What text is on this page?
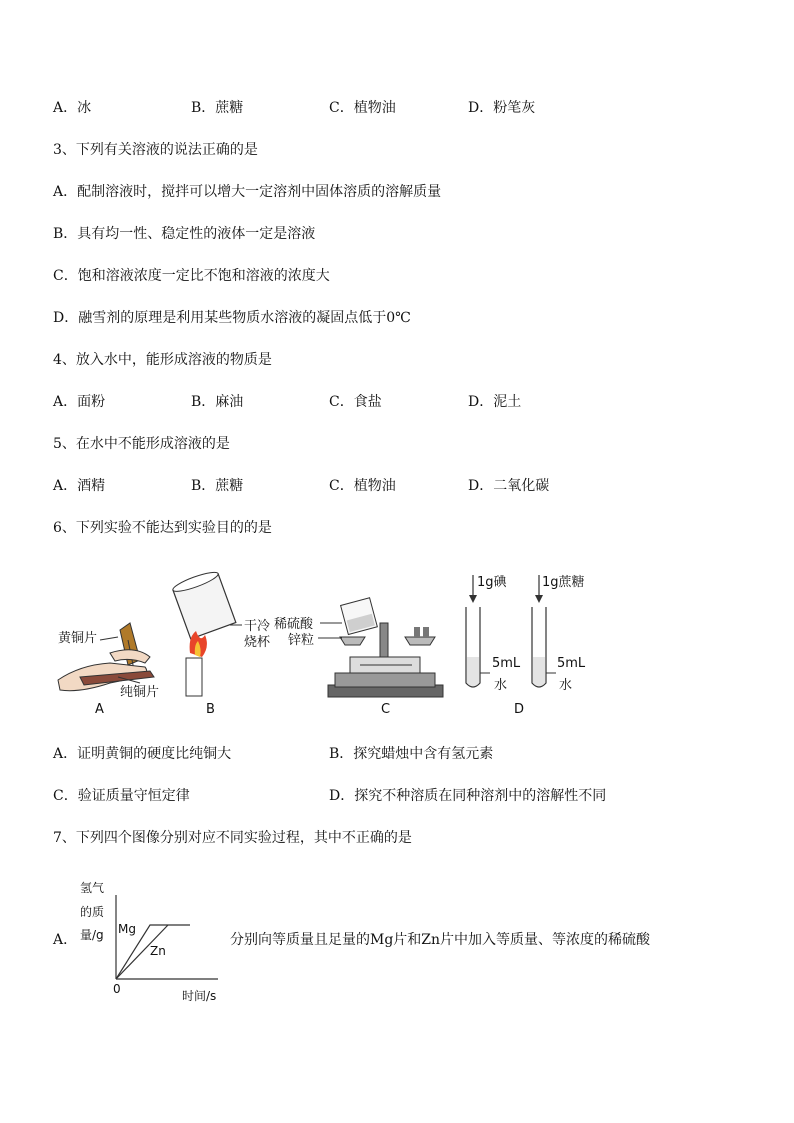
A．冰	B．蔗糖	C．植物油	D．粉笔灰
3、下列有关溶液的说法正确的是
A．配制溶液时，搅拌可以增大一定溶剂中固体溶质的溶解质量
B．具有均一性、稳定性的液体一定是溶液
C．饱和溶液浓度一定比不饱和溶液的浓度大
D．融雪剂的原理是利用某些物质水溶液的凝固点低于0℃
4、放入水中，能形成溶液的物质是
A．面粉	B．麻油	C．食盐	D．泥土
5、在水中不能形成溶液的是
A．酒精	B．蔗糖	C．植物油	D．二氧化碳
6、下列实验不能达到实验目的的是
黄铜片
纯铜片
干冷
烧杯
稀硫酸
锌粒
1g碘	1g蔗糖
5mL
水
5mL
水
A	B	C	D
A．证明黄铜的硬度比纯铜大	B．探究蜡烛中含有氢元素
C．验证质量守恒定律	D．探究不种溶质在同种溶剂中的溶解性不同
7、下列四个图像分别对应不同实验过程，其中不正确的是
A．
氢气
的质
量/g Mg
Zn
0	时间/s
分别向等质量且足量的Mg片和Zn片中加入等质量、等浓度的稀硫酸
